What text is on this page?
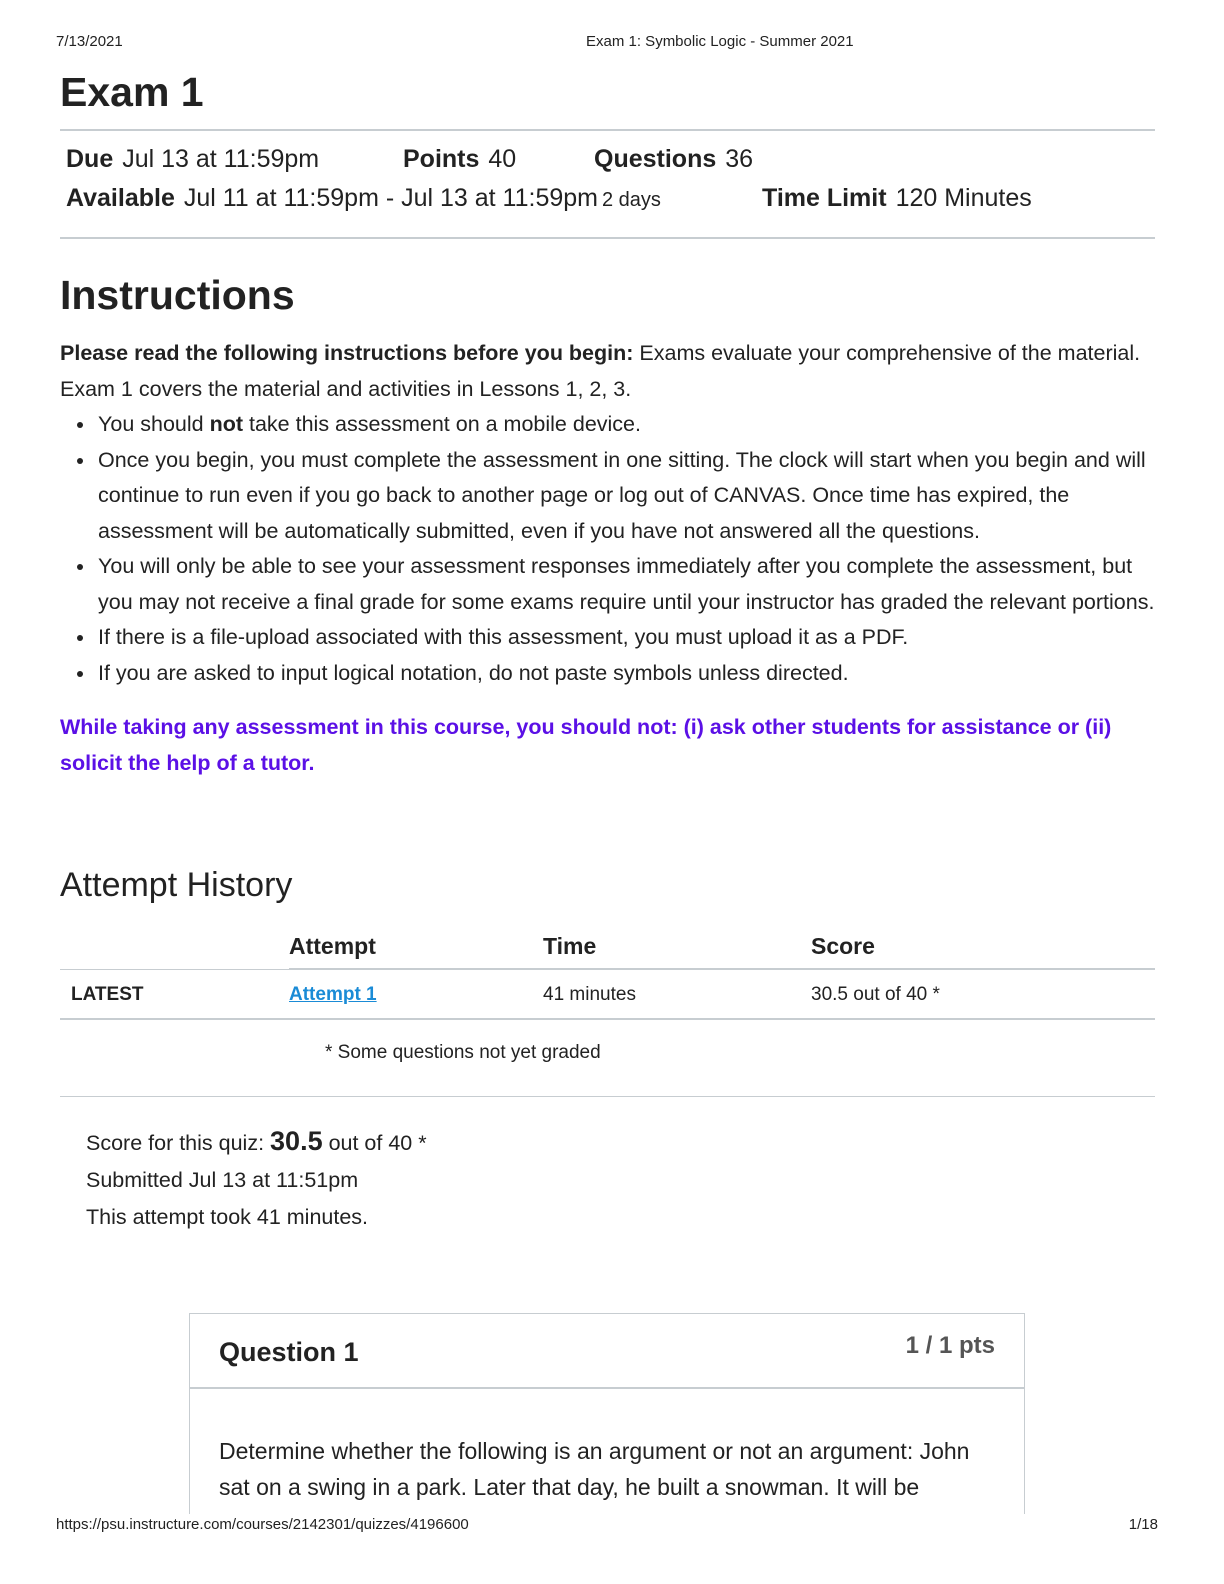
7/13/2021	Exam 1: Symbolic Logic - Summer 2021
Exam 1
Due Jul 13 at 11:59pm	Points 40	Questions 36
Available Jul 11 at 11:59pm - Jul 13 at 11:59pm 2 days	Time Limit 120 Minutes
Instructions

Please read the following instructions before you begin: Exams evaluate your comprehensive of the material. Exam 1 covers the material and activities in Lessons 1, 2, 3.

• You should not take this assessment on a mobile device.
• Once you begin, you must complete the assessment in one sitting. The clock will start when you begin and will continue to run even if you go back to another page or log out of CANVAS. Once time has expired, the assessment will be automatically submitted, even if you have not answered all the questions.
• You will only be able to see your assessment responses immediately after you complete the assessment, but you may not receive a final grade for some exams require until your instructor has graded the relevant portions.
• If there is a file-upload associated with this assessment, you must upload it as a PDF.
• If you are asked to input logical notation, do not paste symbols unless directed.

While taking any assessment in this course, you should not: (i) ask other students for assistance or (ii) solicit the help of a tutor.

Attempt History
	Attempt	Time	Score
LATEST	Attempt 1	41 minutes	30.5 out of 40 *
* Some questions not yet graded
Score for this quiz: 30.5 out of 40 *
Submitted Jul 13 at 11:51pm
This attempt took 41 minutes.
Question 1	1 / 1 pts
Determine whether the following is an argument or not an argument: John sat on a swing in a park. Later that day, he built a snowman. It will be
https://psu.instructure.com/courses/2142301/quizzes/4196600	1/18
